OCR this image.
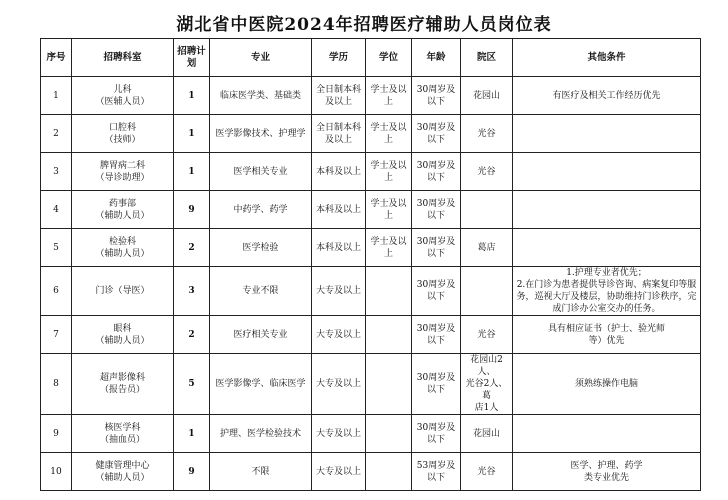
湖北省中医院2024年招聘医疗辅助人员岗位表
序号	招聘科室	招聘计划	专业	学历	学位	年龄	院区	其他条件
1	儿科
（医辅人员）	1	临床医学类、基础类	全日制本科
及以上	学士及以
上	30周岁及
以下	花园山	有医疗及相关工作经历优先
2	口腔科
（技师）	1	医学影像技术、护理学	全日制本科
及以上	学士及以
上	30周岁及
以下	光谷	
3	脾胃病二科
（导诊助理）	1	医学相关专业	本科及以上	学士及以
上	30周岁及
以下	光谷	
4	药事部
（辅助人员）	9	中药学、药学	本科及以上	学士及以
上	30周岁及
以下		
5	检验科
（辅助人员）	2	医学检验	本科及以上	学士及以
上	30周岁及
以下	葛店	
6	门诊（导医）	3	专业不限	大专及以上		30周岁及
以下		1.护理专业者优先；
2.在门诊为患者提供导诊咨询、病案复印等服务，巡视大厅及楼层，协助维持门诊秩序，完成门诊办公室交办的任务。
7	眼科
（辅助人员）	2	医疗相关专业	大专及以上		30周岁及
以下	光谷	具有相应证书（护士、验光师
等）优先
8	超声影像科
（报告员）	5	医学影像学、临床医学	大专及以上		30周岁及
以下	花园山2人、
光谷2人、葛
店1人	须熟练操作电脑
9	核医学科
（抽血员）	1	护理、医学检验技术	大专及以上		30周岁及
以下	花园山	
10	健康管理中心
（辅助人员）	9	不限	大专及以上		53周岁及
以下	光谷	医学、护理、药学
类专业优先
